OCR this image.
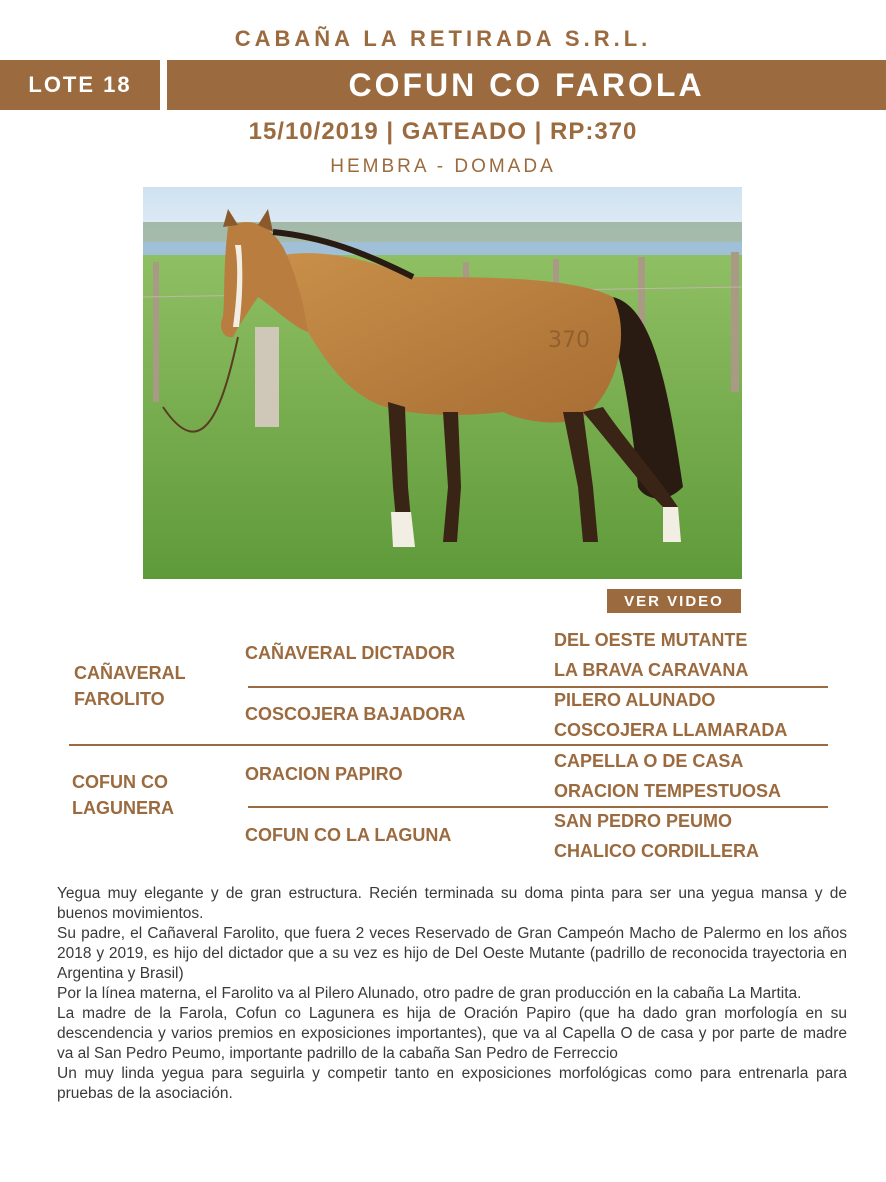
CABAÑA LA RETIRADA S.R.L.
LOTE 18	COFUN CO FAROLA
15/10/2019 | GATEADO | RP:370
HEMBRA - DOMADA
370
VER VIDEO
CAÑAVERAL
FAROLITO
COFUN CO
LAGUNERA
CAÑAVERAL DICTADOR
COSCOJERA BAJADORA
ORACION PAPIRO
COFUN CO LA LAGUNA
DEL OESTE MUTANTE
LA BRAVA CARAVANA
PILERO ALUNADO
COSCOJERA LLAMARADA
CAPELLA O DE CASA
ORACION TEMPESTUOSA
SAN PEDRO PEUMO
CHALICO CORDILLERA

Yegua muy elegante y de gran estructura. Recién terminada su doma pinta para ser una yegua mansa y de buenos movimientos.

Su padre, el Cañaveral Farolito, que fuera 2 veces Reservado de Gran Campeón Macho de Palermo en los años 2018 y 2019, es hijo del dictador que a su vez es hijo de Del Oeste Mutante (padrillo de reconocida trayectoria en Argentina y Brasil)

Por la línea materna, el Farolito va al Pilero Alunado, otro padre de gran producción en la cabaña La Martita.

La madre de la Farola, Cofun co Lagunera es hija de Oración Papiro (que ha dado gran morfología en su descendencia y varios premios en exposiciones importantes), que va al Capella O de casa y por parte de madre va al San Pedro Peumo, importante padrillo de la cabaña San Pedro de Ferreccio

Un muy linda yegua para seguirla y competir tanto en exposiciones morfológicas como para entrenarla para pruebas de la asociación.
